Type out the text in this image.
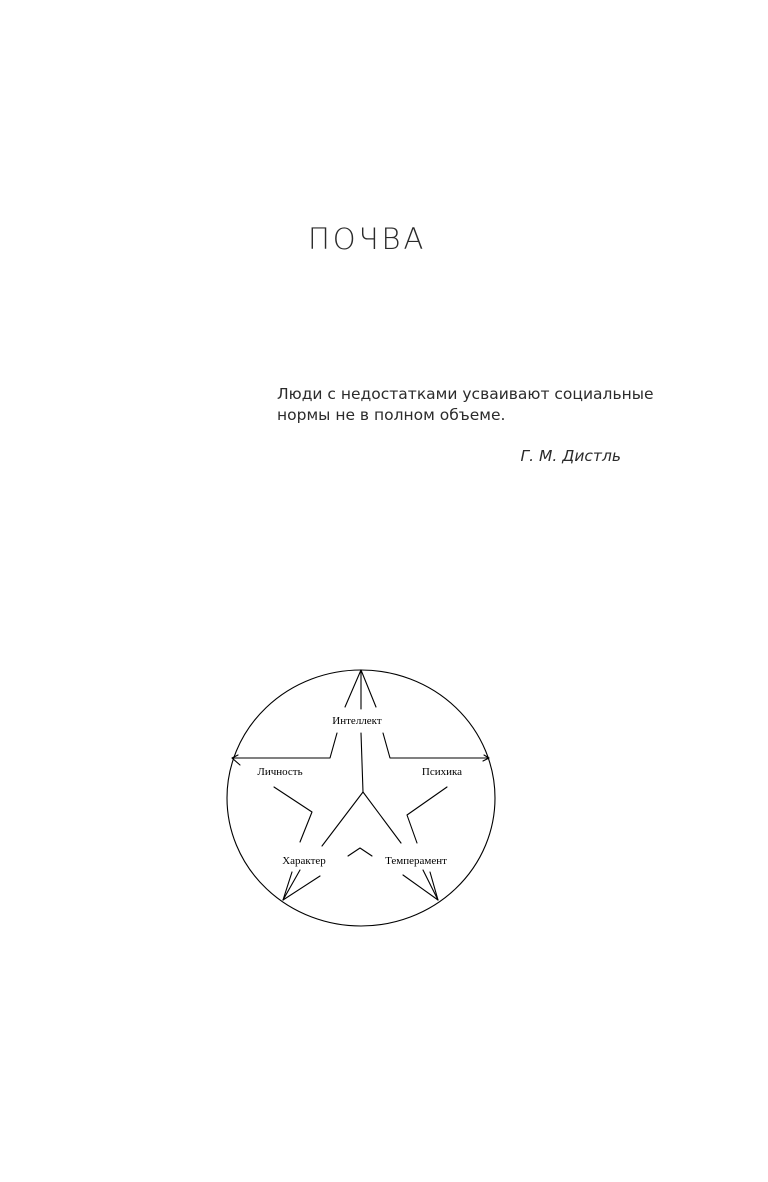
ПОЧВА
Люди с недостатками усваивают социальные
нормы не в полном объеме.
Г. М. Дистль
Интеллект
Личность	Психика
Характер	Темперамент
